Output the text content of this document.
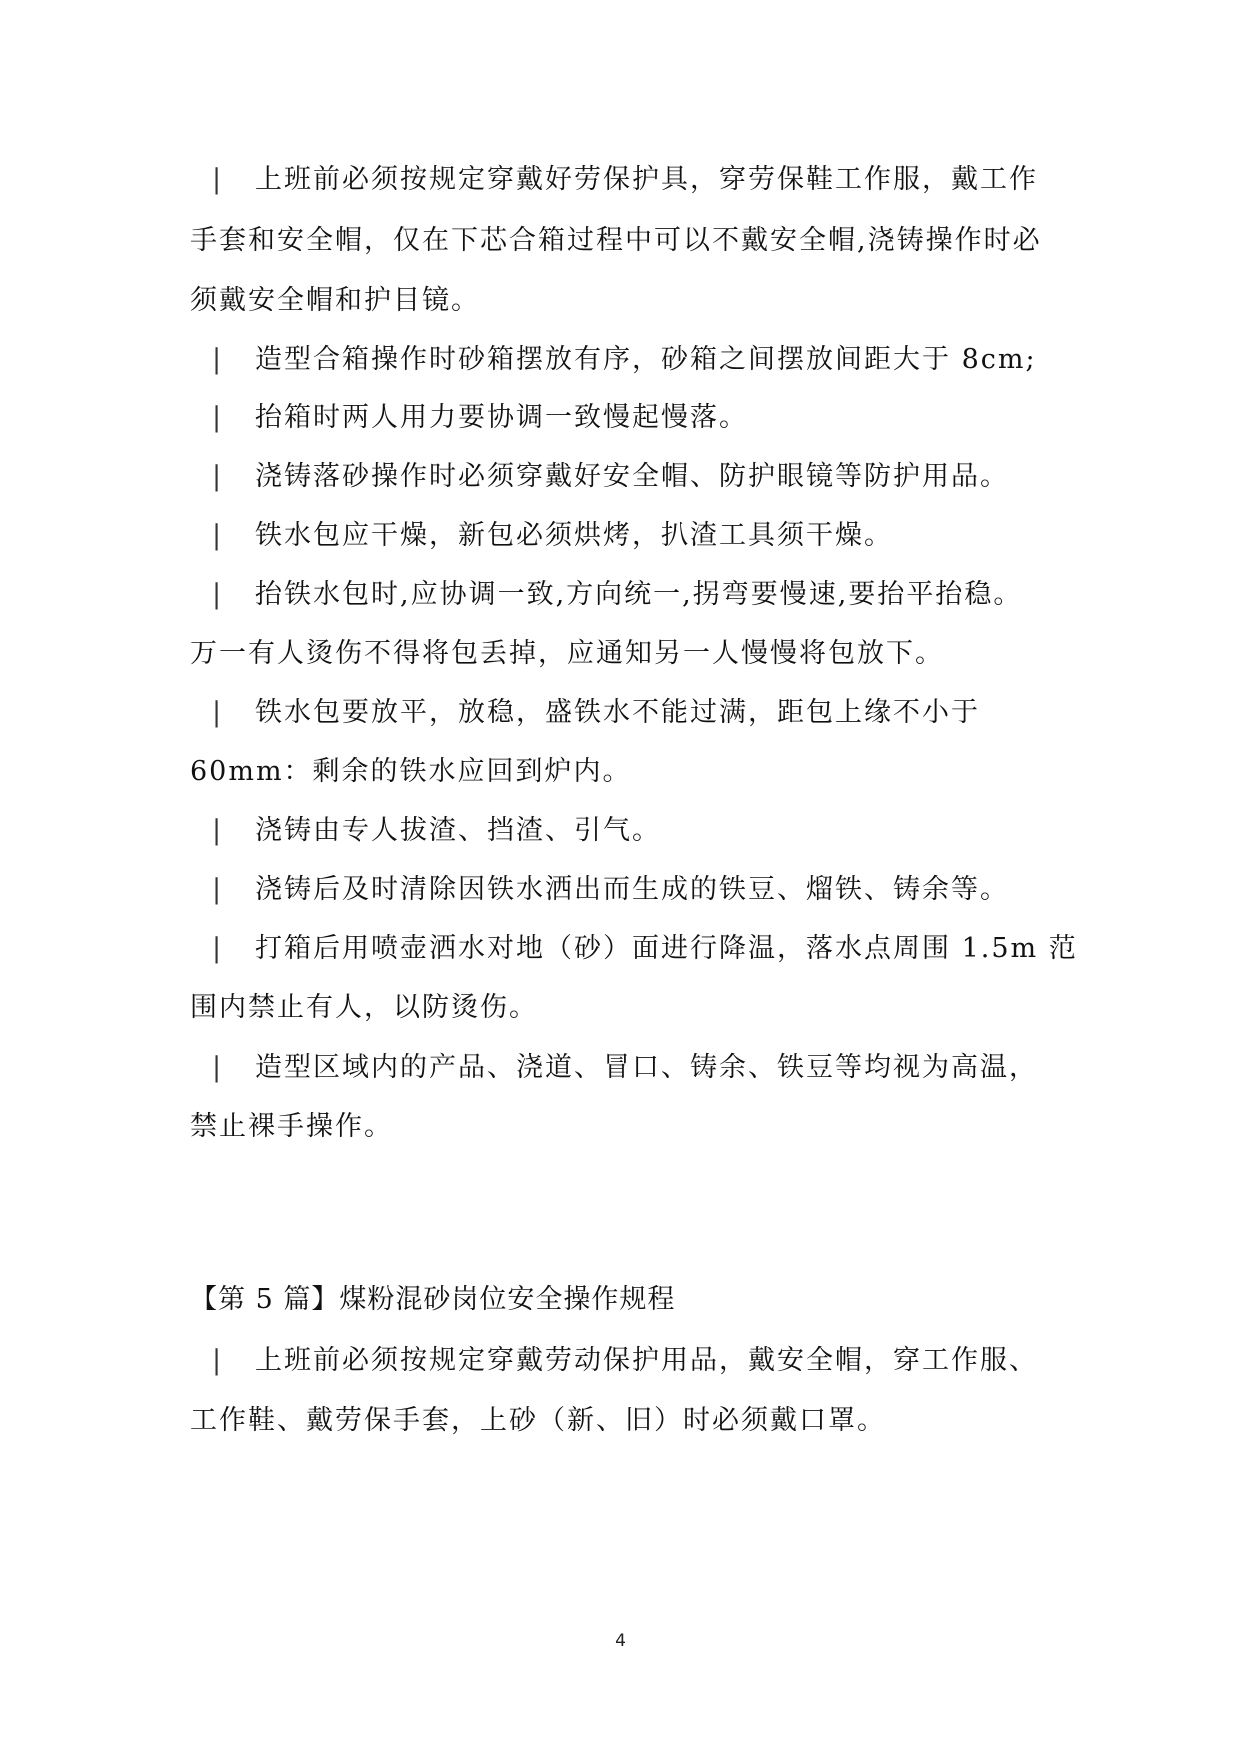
| 上班前必须按规定穿戴好劳保护具，穿劳保鞋工作服，戴工作
手套和安全帽，仅在下芯合箱过程中可以不戴安全帽,浇铸操作时必
须戴安全帽和护目镜。
| 造型合箱操作时砂箱摆放有序，砂箱之间摆放间距大于 8cm;
| 抬箱时两人用力要协调一致慢起慢落。
| 浇铸落砂操作时必须穿戴好安全帽、防护眼镜等防护用品。
| 铁水包应干燥，新包必须烘烤，扒渣工具须干燥。
| 抬铁水包时,应协调一致,方向统一,拐弯要慢速,要抬平抬稳。
万一有人烫伤不得将包丢掉，应通知另一人慢慢将包放下。
| 铁水包要放平，放稳，盛铁水不能过满，距包上缘不小于
60mm：剩余的铁水应回到炉内。
| 浇铸由专人拔渣、挡渣、引气。
| 浇铸后及时清除因铁水洒出而生成的铁豆、熘铁、铸余等。
| 打箱后用喷壶洒水对地（砂）面进行降温，落水点周围 1.5m 范
围内禁止有人，以防烫伤。
| 造型区域内的产品、浇道、冒口、铸余、铁豆等均视为高温，
禁止裸手操作。
【第 5 篇】煤粉混砂岗位安全操作规程
| 上班前必须按规定穿戴劳动保护用品，戴安全帽，穿工作服、
工作鞋、戴劳保手套，上砂（新、旧）时必须戴口罩。
4
